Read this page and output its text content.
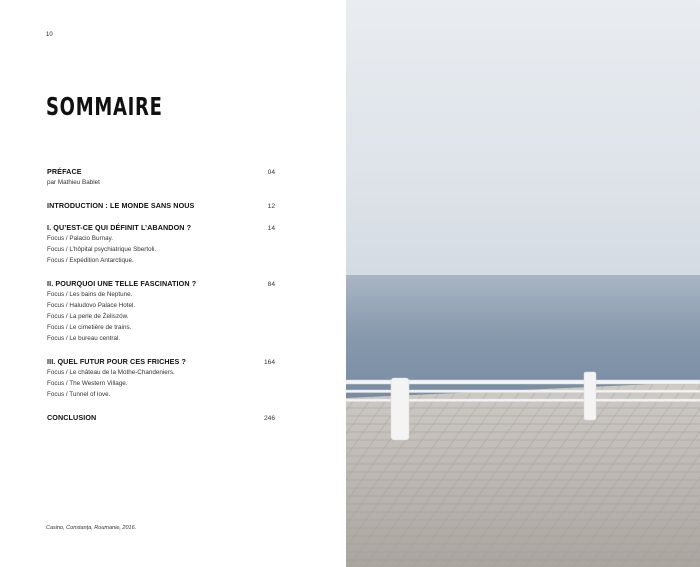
10
SOMMAIRE
PRÉFACE	04
par Mathieu Bablet
INTRODUCTION : LE MONDE SANS NOUS	12
I. QU’EST-CE QUI DÉFINIT L’ABANDON ?	14
Focus / Palacio Burnay.
Focus / L’hôpital psychiatrique Sbertoli.
Focus / Expédition Antarctique.
II. POURQUOI UNE TELLE FASCINATION ?	84
Focus / Les bains de Neptune.
Focus / Haludovo Palace Hotel.
Focus / La perle de Żeliszów.
Focus / Le cimetière de trains.
Focus / Le bureau central.
III. QUEL FUTUR POUR CES FRICHES ?	164
Focus / Le château de la Mothe-Chandeniers.
Focus / The Western Village.
Focus / Tunnel of love.
CONCLUSION	246
Casino, Constanța, Roumanie, 2016.
